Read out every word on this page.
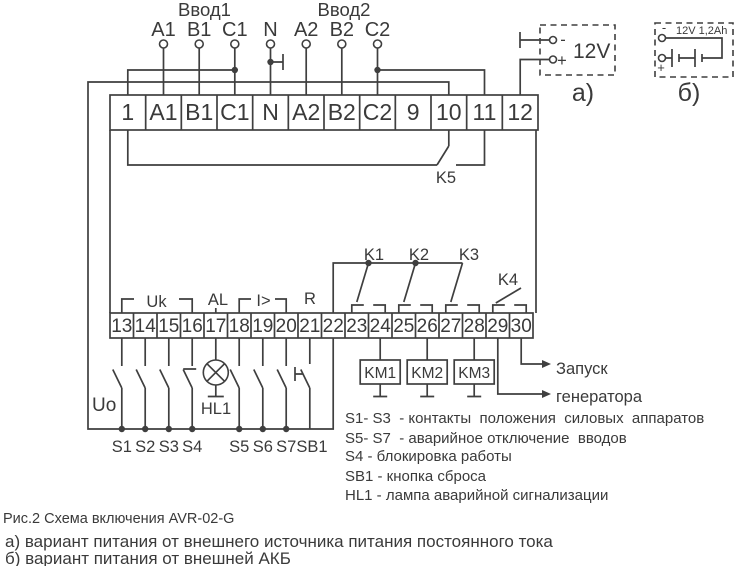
1 A1 B1 C1 N A2 B2 C2 9 10 11 12
13 14 15 16 17 18 19 20 21 22 23 24 25 26 27 28 29 30
Ввод1	Ввод2
A1 B1 C1 N A2 B2 C2
Uo
K5
-
+ 12V
а)
-
+
12V 1,2Ah
б)
K1 K2 K3
K4
Uk	AL I> R
S1 S2 S3 S4 S5 S6 S7 SB1
HL1
KM1 KM2 KM3	Запуск
генератора
S1- S3  - контакты  положения  силовых  аппаратов
S5- S7  - аварийное отключение  вводов
S4 - блокировка работы
SB1 - кнопка сброса
HL1 - лампа аварийной сигнализации
Рис.2 Схема включения AVR-02-G
а) вариант питания от внешнего источника питания постоянного тока
б) вариант питания от внешней АКБ
